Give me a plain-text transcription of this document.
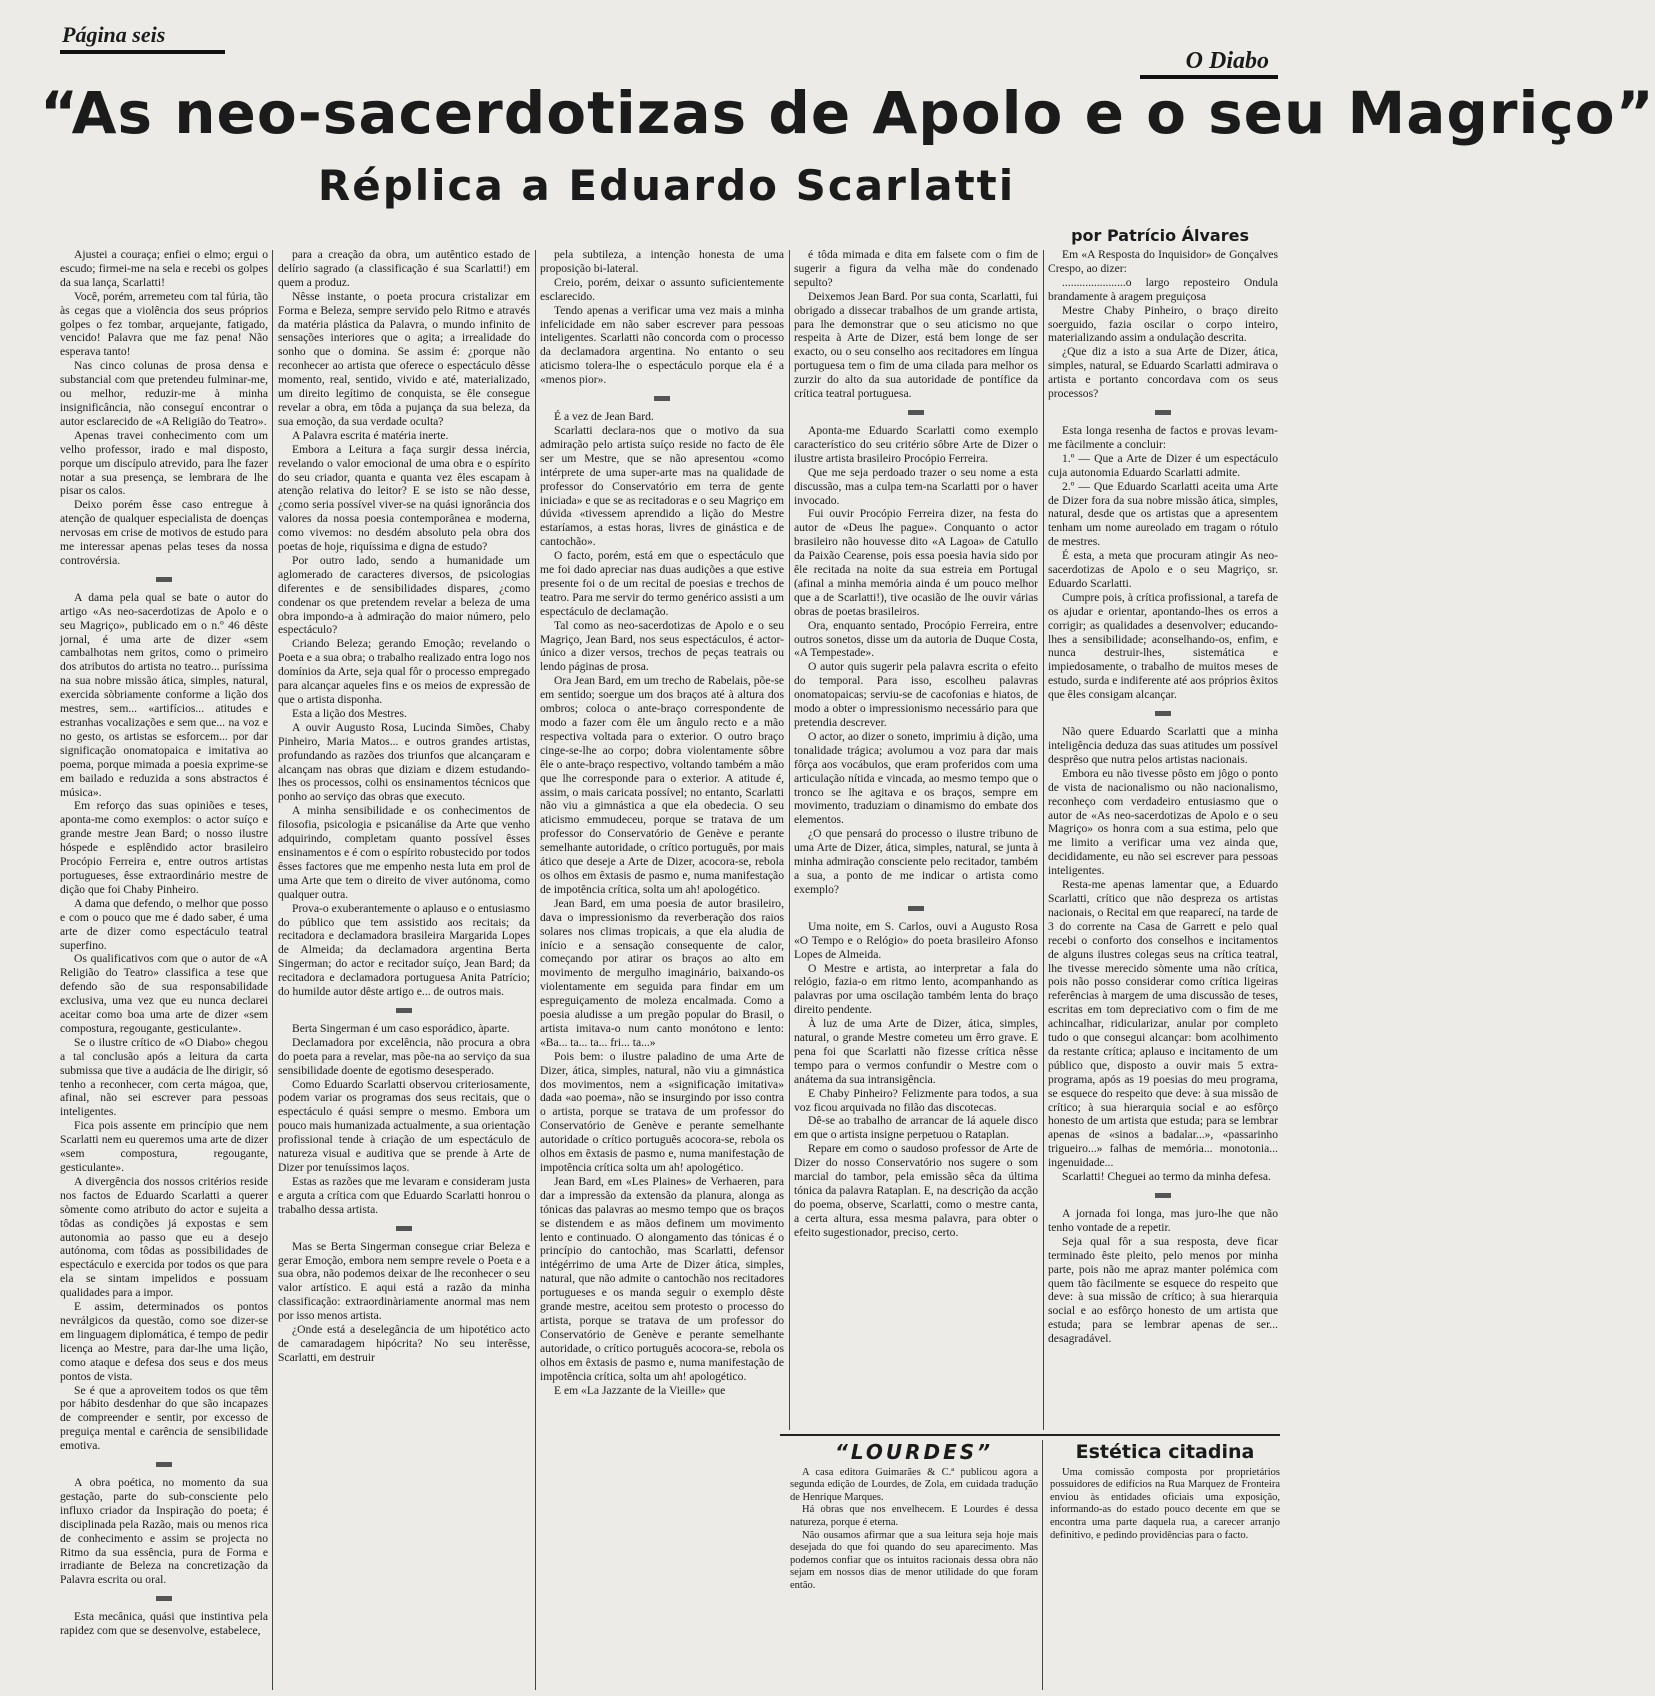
Página seis
O Diabo
“As neo-sacerdotizas de Apolo e o seu Magriço”
Réplica a Eduardo Scarlatti
por Patrício Álvares

Ajustei a couraça; enfiei o elmo; ergui o escudo; firmei-me na sela e recebi os golpes da sua lança, Scarlatti!

Você, porém, arremeteu com tal fúria, tão às cegas que a violência dos seus próprios golpes o fez tombar, arquejante, fatigado, vencido! Palavra que me faz pena! Não esperava tanto!

Nas cinco colunas de prosa densa e substancial com que pretendeu fulminar-me, ou melhor, reduzir-me à minha insignificância, não conseguí encontrar o autor esclarecido de «A Religião do Teatro».

Apenas travei conhecimento com um velho professor, irado e mal disposto, porque um discípulo atrevido, para lhe fazer notar a sua presença, se lembrara de lhe pisar os calos.

Deixo porém êsse caso entregue à atenção de qualquer especialista de doenças nervosas em crise de motivos de estudo para me interessar apenas pelas teses da nossa controvérsia.

A dama pela qual se bate o autor do artigo «As neo-sacerdotizas de Apolo e o seu Magriço», publicado em o n.º 46 dêste jornal, é uma arte de dizer «sem cambalhotas nem gritos, como o primeiro dos atributos do artista no teatro... puríssima na sua nobre missão ática, simples, natural, exercida sòbriamente conforme a lição dos mestres, sem... «artifícios... atitudes e estranhas vocalizações e sem que... na voz e no gesto, os artistas se esforcem... por dar significação onomatopaica e imitativa ao poema, porque mimada a poesia exprime-se em bailado e reduzida a sons abstractos é música».

Em reforço das suas opiniões e teses, aponta-me como exemplos: o actor suíço e grande mestre Jean Bard; o nosso ilustre hóspede e esplêndido actor brasileiro Procópio Ferreira e, entre outros artistas portugueses, êsse extraordinário mestre de dição que foi Chaby Pinheiro.

A dama que defendo, o melhor que posso e com o pouco que me é dado saber, é uma arte de dizer como espectáculo teatral superfino.

Os qualificativos com que o autor de «A Religião do Teatro» classifica a tese que defendo são de sua responsabilidade exclusiva, uma vez que eu nunca declarei aceitar como boa uma arte de dizer «sem compostura, regougante, gesticulante».

Se o ilustre crítico de «O Diabo» chegou a tal conclusão após a leitura da carta submissa que tive a audácia de lhe dirigir, só tenho a reconhecer, com certa mágoa, que, afinal, não sei escrever para pessoas inteligentes.

Fica pois assente em princípio que nem Scarlatti nem eu queremos uma arte de dizer «sem compostura, regougante, gesticulante».

A divergência dos nossos critérios reside nos factos de Eduardo Scarlatti a querer sòmente como atributo do actor e sujeita a tôdas as condições já expostas e sem autonomia ao passo que eu a desejo autónoma, com tôdas as possibilidades de espectáculo e exercida por todos os que para ela se sintam impelidos e possuam qualidades para a impor.

E assim, determinados os pontos nevrálgicos da questão, como soe dizer-se em linguagem diplomática, é tempo de pedir licença ao Mestre, para dar-lhe uma lição, como ataque e defesa dos seus e dos meus pontos de vista.

Se é que a aproveitem todos os que têm por hábito desdenhar do que são incapazes de compreender e sentir, por excesso de preguiça mental e carência de sensibilidade emotiva.

A obra poética, no momento da sua gestação, parte do sub-consciente pelo influxo criador da Inspiração do poeta; é disciplinada pela Razão, mais ou menos rica de conhecimento e assim se projecta no Ritmo da sua essência, pura de Forma e irradiante de Beleza na concretização da Palavra escrita ou oral.

Esta mecânica, quási que instintiva pela rapidez com que se desenvolve, estabelece,

para a creação da obra, um autêntico estado de delírio sagrado (a classificação é sua Scarlatti!) em quem a produz.

Nêsse instante, o poeta procura cristalizar em Forma e Beleza, sempre servido pelo Ritmo e através da matéria plástica da Palavra, o mundo infinito de sensações interiores que o agita; a irrealidade do sonho que o domina. Se assim é: ¿porque não reconhecer ao artista que oferece o espectáculo dêsse momento, real, sentido, vivido e até, materializado, um direito legítimo de conquista, se êle consegue revelar a obra, em tôda a pujança da sua beleza, da sua emoção, da sua verdade oculta?

A Palavra escrita é matéria inerte.

Embora a Leitura a faça surgir dessa inércia, revelando o valor emocional de uma obra e o espírito do seu criador, quanta e quanta vez êles escapam à atenção relativa do leitor? E se isto se não desse, ¿como seria possível viver-se na quási ignorância dos valores da nossa poesia contemporânea e moderna, como vivemos: no desdém absoluto pela obra dos poetas de hoje, riquíssima e digna de estudo?

Por outro lado, sendo a humanidade um aglomerado de caracteres diversos, de psicologias diferentes e de sensibilidades dispares, ¿como condenar os que pretendem revelar a beleza de uma obra impondo-a à admiração do maior número, pelo espectáculo?

Criando Beleza; gerando Emoção; revelando o Poeta e a sua obra; o trabalho realizado entra logo nos domínios da Arte, seja qual fôr o processo empregado para alcançar aqueles fins e os meios de expressão de que o artista disponha.

Esta a lição dos Mestres.

A ouvir Augusto Rosa, Lucinda Simões, Chaby Pinheiro, Maria Matos... e outros grandes artistas, profundando as razões dos triunfos que alcançaram e alcançam nas obras que diziam e dizem estudando-lhes os processos, colhi os ensinamentos técnicos que ponho ao serviço das obras que executo.

A minha sensibilidade e os conhecimentos de filosofia, psicologia e psicanálise da Arte que venho adquirindo, completam quanto possível êsses ensinamentos e é com o espírito robustecido por todos êsses factores que me empenho nesta luta em prol de uma Arte que tem o direito de viver autónoma, como qualquer outra.

Prova-o exuberantemente o aplauso e o entusiasmo do público que tem assistido aos recitais; da recitadora e declamadora brasileira Margarida Lopes de Almeida; da declamadora argentina Berta Singerman; do actor e recitador suíço, Jean Bard; da recitadora e declamadora portuguesa Anita Patrício; do humilde autor dêste artigo e... de outros mais.

Berta Singerman é um caso esporádico, àparte.

Declamadora por excelência, não procura a obra do poeta para a revelar, mas põe-na ao serviço da sua sensibilidade doente de egotismo desesperado.

Como Eduardo Scarlatti observou criteriosamente, podem variar os programas dos seus recitais, que o espectáculo é quási sempre o mesmo. Embora um pouco mais humanizada actualmente, a sua orientação profissional tende à criação de um espectáculo de natureza visual e auditiva que se prende à Arte de Dizer por tenuíssimos laços.

Estas as razões que me levaram e consideram justa e arguta a crítica com que Eduardo Scarlatti honrou o trabalho dessa artista.

Mas se Berta Singerman consegue criar Beleza e gerar Emoção, embora nem sempre revele o Poeta e a sua obra, não podemos deixar de lhe reconhecer o seu valor artístico. E aqui está a razão da minha classificação: extraordinàriamente anormal mas nem por isso menos artista.

¿Onde está a deselegância de um hipotético acto de camaradagem hipócrita? No seu interêsse, Scarlatti, em destruir

pela subtileza, a intenção honesta de uma proposição bi-lateral.

Creio, porém, deixar o assunto suficientemente esclarecido.

Tendo apenas a verificar uma vez mais a minha infelicidade em não saber escrever para pessoas inteligentes. Scarlatti não concorda com o processo da declamadora argentina. No entanto o seu aticismo tolera-lhe o espectáculo porque ela é a «menos pior».

É a vez de Jean Bard.

Scarlatti declara-nos que o motivo da sua admiração pelo artista suíço reside no facto de êle ser um Mestre, que se não apresentou «como intérprete de uma super-arte mas na qualidade de professor do Conservatório em terra de gente iniciada» e que se as recitadoras e o seu Magriço em dúvida «tivessem aprendido a lição do Mestre estaríamos, a estas horas, livres de ginástica e de cantochão».

O facto, porém, está em que o espectáculo que me foi dado apreciar nas duas audições a que estive presente foi o de um recital de poesias e trechos de teatro. Para me servir do termo genérico assisti a um espectáculo de declamação.

Tal como as neo-sacerdotizas de Apolo e o seu Magriço, Jean Bard, nos seus espectáculos, é actor-único a dizer versos, trechos de peças teatrais ou lendo páginas de prosa.

Ora Jean Bard, em um trecho de Rabelais, põe-se em sentido; soergue um dos braços até à altura dos ombros; coloca o ante-braço correspondente de modo a fazer com êle um ângulo recto e a mão respectiva voltada para o exterior. O outro braço cinge-se-lhe ao corpo; dobra violentamente sôbre êle o ante-braço respectivo, voltando também a mão que lhe corresponde para o exterior. A atitude é, assim, o mais caricata possível; no entanto, Scarlatti não viu a gimnástica a que ela obedecia. O seu aticismo emmudeceu, porque se tratava de um professor do Conservatório de Genève e perante semelhante autoridade, o crítico português, por mais ático que deseje a Arte de Dizer, acocora-se, rebola os olhos em êxtasis de pasmo e, numa manifestação de impotência crítica, solta um ah! apologético.

Jean Bard, em uma poesia de autor brasileiro, dava o impressionismo da reverberação dos raios solares nos climas tropicais, a que ela aludia de início e a sensação consequente de calor, começando por atirar os braços ao alto em movimento de mergulho imaginário, baixando-os violentamente em seguida para findar em um espreguiçamento de moleza encalmada. Como a poesia aludisse a um pregão popular do Brasil, o artista imitava-o num canto monótono e lento: «Ba... ta... ta... fri... ta...»

Pois bem: o ilustre paladino de uma Arte de Dizer, ática, simples, natural, não viu a gimnástica dos movimentos, nem a «significação imitativa» dada «ao poema», não se insurgindo por isso contra o artista, porque se tratava de um professor do Conservatório de Genève e perante semelhante autoridade o crítico português acocora-se, rebola os olhos em êxtasis de pasmo e, numa manifestação de impotência crítica solta um ah! apologético.

Jean Bard, em «Les Plaines» de Verhaeren, para dar a impressão da extensão da planura, alonga as tónicas das palavras ao mesmo tempo que os braços se distendem e as mãos definem um movimento lento e continuado. O alongamento das tónicas é o princípio do cantochão, mas Scarlatti, defensor intégérrimo de uma Arte de Dizer ática, simples, natural, que não admite o cantochão nos recitadores portugueses e os manda seguir o exemplo dêste grande mestre, aceitou sem protesto o processo do artista, porque se tratava de um professor do Conservatório de Genève e perante semelhante autoridade, o crítico português acocora-se, rebola os olhos em êxtasis de pasmo e, numa manifestação de impotência crítica, solta um ah! apologético.

E em «La Jazzante de la Vieille» que

é tôda mimada e dita em falsete com o fim de sugerir a figura da velha mãe do condenado sepulto?

Deixemos Jean Bard. Por sua conta, Scarlatti, fui obrigado a dissecar trabalhos de um grande artista, para lhe demonstrar que o seu aticismo no que respeita à Arte de Dizer, está bem longe de ser exacto, ou o seu conselho aos recitadores em língua portuguesa tem o fim de uma cilada para melhor os zurzir do alto da sua autoridade de pontífice da crítica teatral portuguesa.

Aponta-me Eduardo Scarlatti como exemplo característico do seu critério sôbre Arte de Dizer o ilustre artista brasileiro Procópio Ferreira.

Que me seja perdoado trazer o seu nome a esta discussão, mas a culpa tem-na Scarlatti por o haver invocado.

Fui ouvir Procópio Ferreira dizer, na festa do autor de «Deus lhe pague». Conquanto o actor brasileiro não houvesse dito «A Lagoa» de Catullo da Paixão Cearense, pois essa poesia havia sido por êle recitada na noite da sua estreia em Portugal (afinal a minha memória ainda é um pouco melhor que a de Scarlatti!), tive ocasião de lhe ouvir várias obras de poetas brasileiros.

Ora, enquanto sentado, Procópio Ferreira, entre outros sonetos, disse um da autoria de Duque Costa, «A Tempestade».

O autor quis sugerir pela palavra escrita o efeito do temporal. Para isso, escolheu palavras onomatopaicas; serviu-se de cacofonias e hiatos, de modo a obter o impressionismo necessário para que pretendia descrever.

O actor, ao dizer o soneto, imprimiu à dição, uma tonalidade trágica; avolumou a voz para dar mais fôrça aos vocábulos, que eram proferidos com uma articulação nítida e vincada, ao mesmo tempo que o tronco se lhe agitava e os braços, sempre em movimento, traduziam o dinamismo do embate dos elementos.

¿O que pensará do processo o ilustre tribuno de uma Arte de Dizer, ática, simples, natural, se junta à minha admiração consciente pelo recitador, também a sua, a ponto de me indicar o artista como exemplo?

Uma noite, em S. Carlos, ouvi a Augusto Rosa «O Tempo e o Relógio» do poeta brasileiro Afonso Lopes de Almeida.

O Mestre e artista, ao interpretar a fala do relógio, fazia-o em ritmo lento, acompanhando as palavras por uma oscilação também lenta do braço direito pendente.

À luz de uma Arte de Dizer, ática, simples, natural, o grande Mestre cometeu um êrro grave. E pena foi que Scarlatti não fizesse crítica nêsse tempo para o vermos confundir o Mestre com o anátema da sua intransigência.

E Chaby Pinheiro? Felizmente para todos, a sua voz ficou arquivada no filão das discotecas.

Dê-se ao trabalho de arrancar de lá aquele disco em que o artista insigne perpetuou o Rataplan.

Repare em como o saudoso professor de Arte de Dizer do nosso Conservatório nos sugere o som marcial do tambor, pela emissão sêca da última tónica da palavra Rataplan. E, na descrição da acção do poema, observe, Scarlatti, como o mestre canta, a certa altura, essa mesma palavra, para obter o efeito sugestionador, preciso, certo.

Em «A Resposta do Inquisidor» de Gonçalves Crespo, ao dizer:

......................o largo reposteiro Ondula brandamente à aragem preguiçosa

Mestre Chaby Pinheiro, o braço direito soerguido, fazia oscilar o corpo inteiro, materializando assim a ondulação descrita.

¿Que diz a isto a sua Arte de Dizer, ática, simples, natural, se Eduardo Scarlatti admirava o artista e portanto concordava com os seus processos?

Esta longa resenha de factos e provas levam-me fàcilmente a concluir:

1.º — Que a Arte de Dizer é um espectáculo cuja autonomia Eduardo Scarlatti admite.

2.º — Que Eduardo Scarlatti aceita uma Arte de Dizer fora da sua nobre missão ática, simples, natural, desde que os artistas que a apresentem tenham um nome aureolado em tragam o rótulo de mestres.

É esta, a meta que procuram atingir As neo-sacerdotizas de Apolo e o seu Magriço, sr. Eduardo Scarlatti.

Cumpre pois, à crítica profissional, a tarefa de os ajudar e orientar, apontando-lhes os erros a corrigir; as qualidades a desenvolver; educando-lhes a sensibilidade; aconselhando-os, enfim, e nunca destruir-lhes, sistemática e impiedosamente, o trabalho de muitos meses de estudo, surda e indiferente até aos próprios êxitos que êles consigam alcançar.

Não quere Eduardo Scarlatti que a minha inteligência deduza das suas atitudes um possível desprêso que nutra pelos artistas nacionais.

Embora eu não tivesse pôsto em jôgo o ponto de vista de nacionalismo ou não nacionalismo, reconheço com verdadeiro entusiasmo que o autor de «As neo-sacerdotizas de Apolo e o seu Magriço» os honra com a sua estima, pelo que me limito a verificar uma vez ainda que, decididamente, eu não sei escrever para pessoas inteligentes.

Resta-me apenas lamentar que, a Eduardo Scarlatti, crítico que não despreza os artistas nacionais, o Recital em que reaparecí, na tarde de 3 do corrente na Casa de Garrett e pelo qual recebi o conforto dos conselhos e incitamentos de alguns ilustres colegas seus na crítica teatral, lhe tivesse merecido sòmente uma não crítica, pois não posso considerar como crítica ligeiras referências à margem de uma discussão de teses, escritas em tom depreciativo com o fim de me achincalhar, ridicularizar, anular por completo tudo o que consegui alcançar: bom acolhimento da restante crítica; aplauso e incitamento de um público que, disposto a ouvir mais 5 extra-programa, após as 19 poesias do meu programa, se esquece do respeito que deve: à sua missão de crítico; à sua hierarquia social e ao esfôrço honesto de um artista que estuda; para se lembrar apenas de «sinos a badalar...», «passarinho trigueiro...» falhas de memória... monotonia... ingenuidade...

Scarlatti! Cheguei ao termo da minha defesa.

A jornada foi longa, mas juro-lhe que não tenho vontade de a repetir.

Seja qual fôr a sua resposta, deve ficar terminado êste pleito, pelo menos por minha parte, pois não me apraz manter polémica com quem tão fàcilmente se esquece do respeito que deve: à sua missão de crítico; à sua hierarquia social e ao esfôrço honesto de um artista que estuda; para se lembrar apenas de ser... desagradável.

“LOURDES”

A casa editora Guimarães & C.ª publicou agora a segunda edição de Lourdes, de Zola, em cuidada tradução de Henrique Marques.

Há obras que nos envelhecem. E Lourdes é dessa natureza, porque é eterna.

Não ousamos afirmar que a sua leitura seja hoje mais desejada do que foi quando do seu aparecimento. Mas podemos confiar que os intuitos racionais dessa obra não sejam em nossos dias de menor utilidade do que foram então.

Estética citadina

Uma comissão composta por proprietários possuidores de edifícios na Rua Marquez de Fronteira enviou às entidades oficiais uma exposição, informando-as do estado pouco decente em que se encontra uma parte daquela rua, a carecer arranjo definitivo, e pedindo providências para o facto.
